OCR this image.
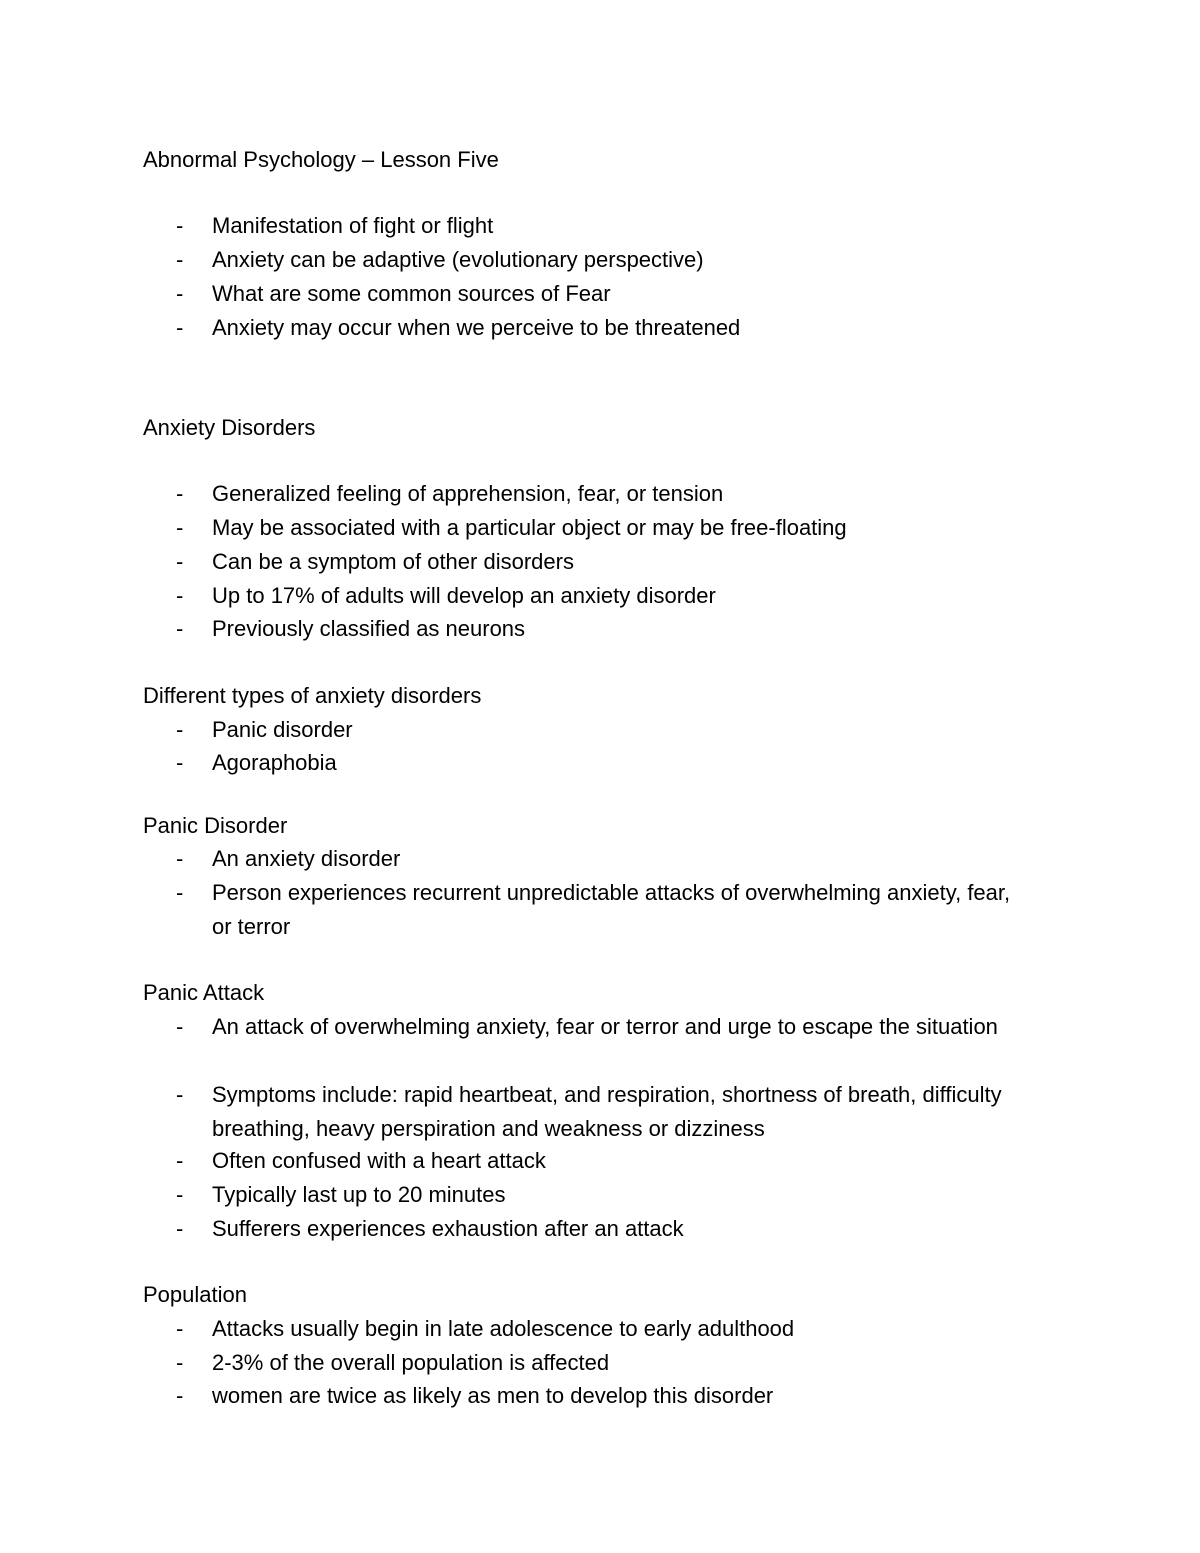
Abnormal Psychology – Lesson Five
-	Manifestation of fight or flight

-	Anxiety can be adaptive (evolutionary perspective)

-	What are some common sources of Fear

-	Anxiety may occur when we perceive to be threatened

Anxiety Disorders
-	Generalized feeling of apprehension, fear, or tension

-	May be associated with a particular object or may be free-floating

-	Can be a symptom of other disorders

-	Up to 17% of adults will develop an anxiety disorder

-	Previously classified as neurons

Different types of anxiety disorders
-	Panic disorder

-	Agoraphobia

Panic Disorder
-	An anxiety disorder

-	Person experiences recurrent unpredictable attacks of overwhelming anxiety, fear, or terror

Panic Attack
-	An attack of overwhelming anxiety, fear or terror and urge to escape the situation

-	Symptoms include: rapid heartbeat, and respiration, shortness of breath, difficulty breathing, heavy perspiration and weakness or dizziness

-	Often confused with a heart attack

-	Typically last up to 20 minutes

-	Sufferers experiences exhaustion after an attack

Population
-	Attacks usually begin in late adolescence to early adulthood

-	2-3% of the overall population is affected

-	women are twice as likely as men to develop this disorder
